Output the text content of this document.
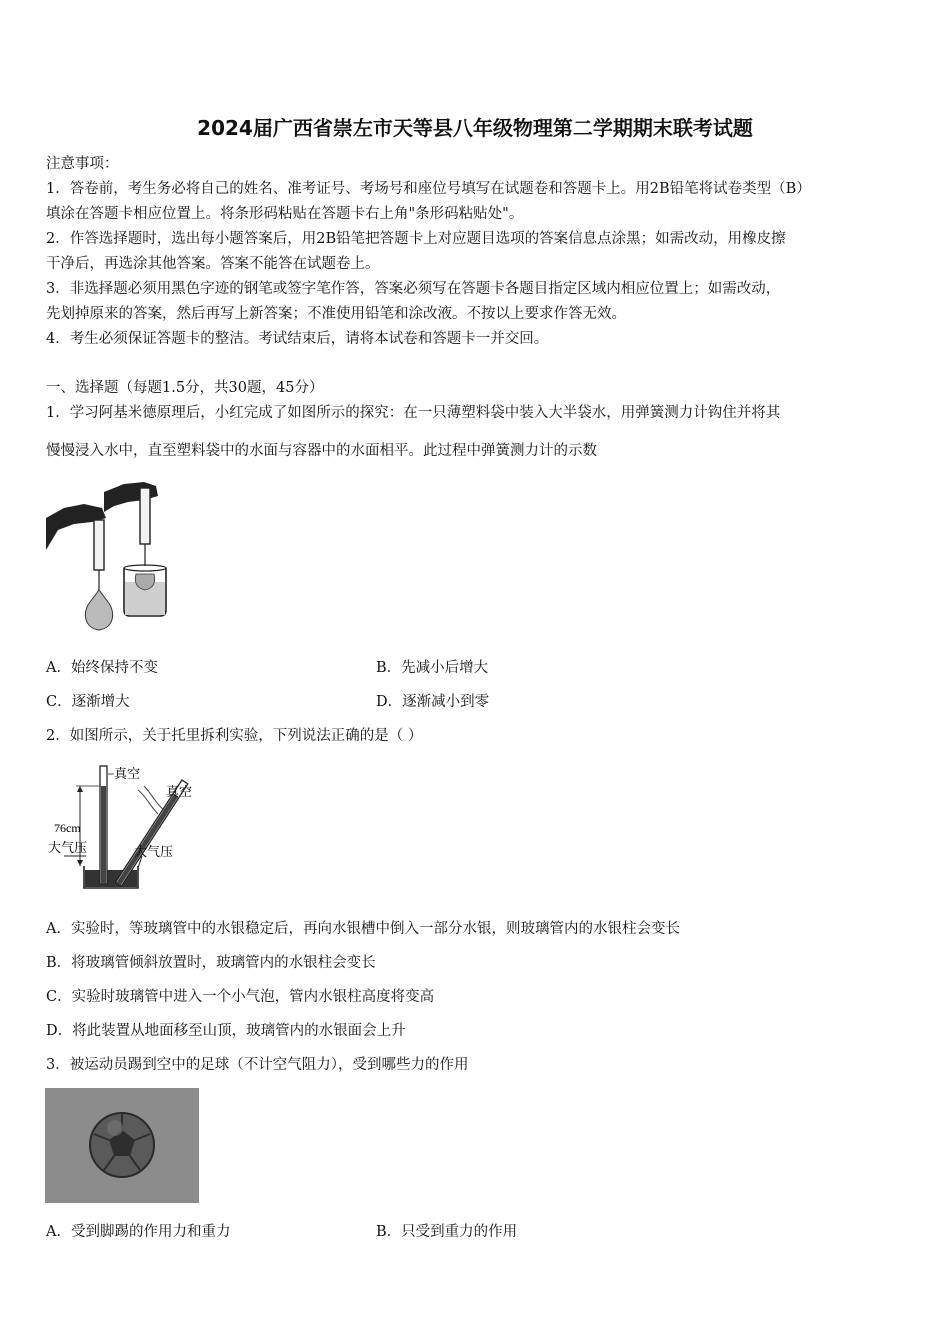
2024届广西省崇左市天等县八年级物理第二学期期末联考试题
注意事项：
1．答卷前，考生务必将自己的姓名、准考证号、考场号和座位号填写在试题卷和答题卡上。用2B铅笔将试卷类型（B）
填涂在答题卡相应位置上。将条形码粘贴在答题卡右上角"条形码粘贴处"。
2．作答选择题时，选出每小题答案后，用2B铅笔把答题卡上对应题目选项的答案信息点涂黑；如需改动，用橡皮擦
干净后，再选涂其他答案。答案不能答在试题卷上。
3．非选择题必须用黑色字迹的钢笔或签字笔作答，答案必须写在答题卡各题目指定区域内相应位置上；如需改动，
先划掉原来的答案，然后再写上新答案；不准使用铅笔和涂改液。不按以上要求作答无效。
4．考生必须保证答题卡的整洁。考试结束后，请将本试卷和答题卡一并交回。
一、选择题（每题1.5分，共30题，45分）
1．学习阿基米德原理后，小红完成了如图所示的探究：在一只薄塑料袋中装入大半袋水，用弹簧测力计钩住并将其
慢慢浸入水中，直至塑料袋中的水面与容器中的水面相平。此过程中弹簧测力计的示数
A．始终保持不变	B．先减小后增大
C．逐渐增大	D．逐渐减小到零
2．如图所示，关于托里拆利实验，下列说法正确的是（ ）
真空
真空
76cm
大气压	大气压
A．实验时，等玻璃管中的水银稳定后，再向水银槽中倒入一部分水银，则玻璃管内的水银柱会变长
B．将玻璃管倾斜放置时，玻璃管内的水银柱会变长
C．实验时玻璃管中进入一个小气泡，管内水银柱高度将变高
D．将此装置从地面移至山顶，玻璃管内的水银面会上升
3．被运动员踢到空中的足球（不计空气阻力），受到哪些力的作用
A．受到脚踢的作用力和重力	B．只受到重力的作用
